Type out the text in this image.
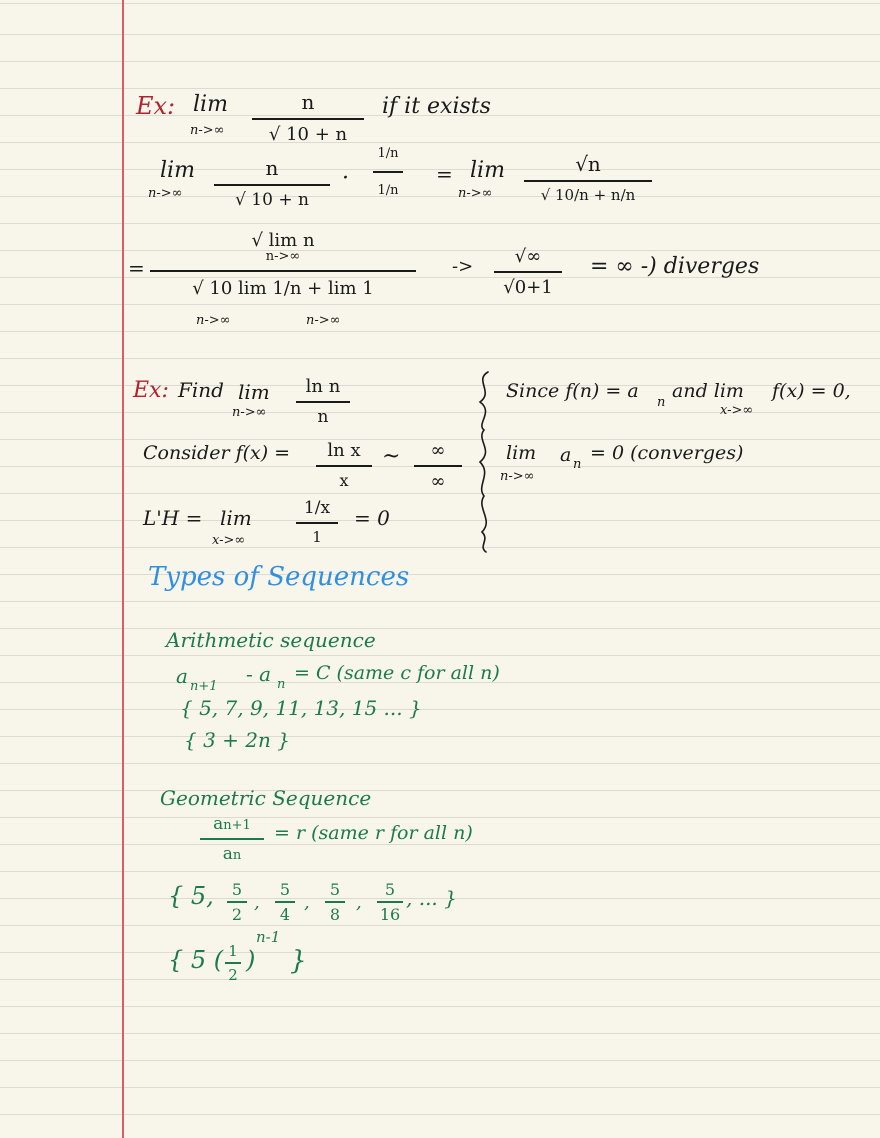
Ex: lim
n->∞
n
√ 10 + n
if it exists
lim
n->∞
n
√ 10 + n
·
1/n
1/n
= lim
n->∞
√n
√ 10/n + n/n
=
√ lim n
n->∞
√ 10 lim 1/n + lim 1
n->∞	n->∞
-> √∞
√0+1
= ∞ -) diverges
Ex: Find lim
n->∞
ln n
n
Consider f(x) = ln x
x
~ ∞
∞
L'H = lim
x->∞
1/x
1
= 0
Since f(n) = a
n
and lim
x->∞
f(x) = 0,
lim
n->∞
a n
= 0 (converges)
Types of Sequences
Arithmetic sequence
a n+1
- a n
= C (same c for all n)
{ 5, 7, 9, 11, 13, 15 ... }
{ 3 + 2n }
Geometric Sequence
an+1
an
= r (same r for all n)
{ 5, 5
2
5
4
5
8
5
16
, ... }
, ,	,
{ 5 ( 1
2
)
n-1
}
